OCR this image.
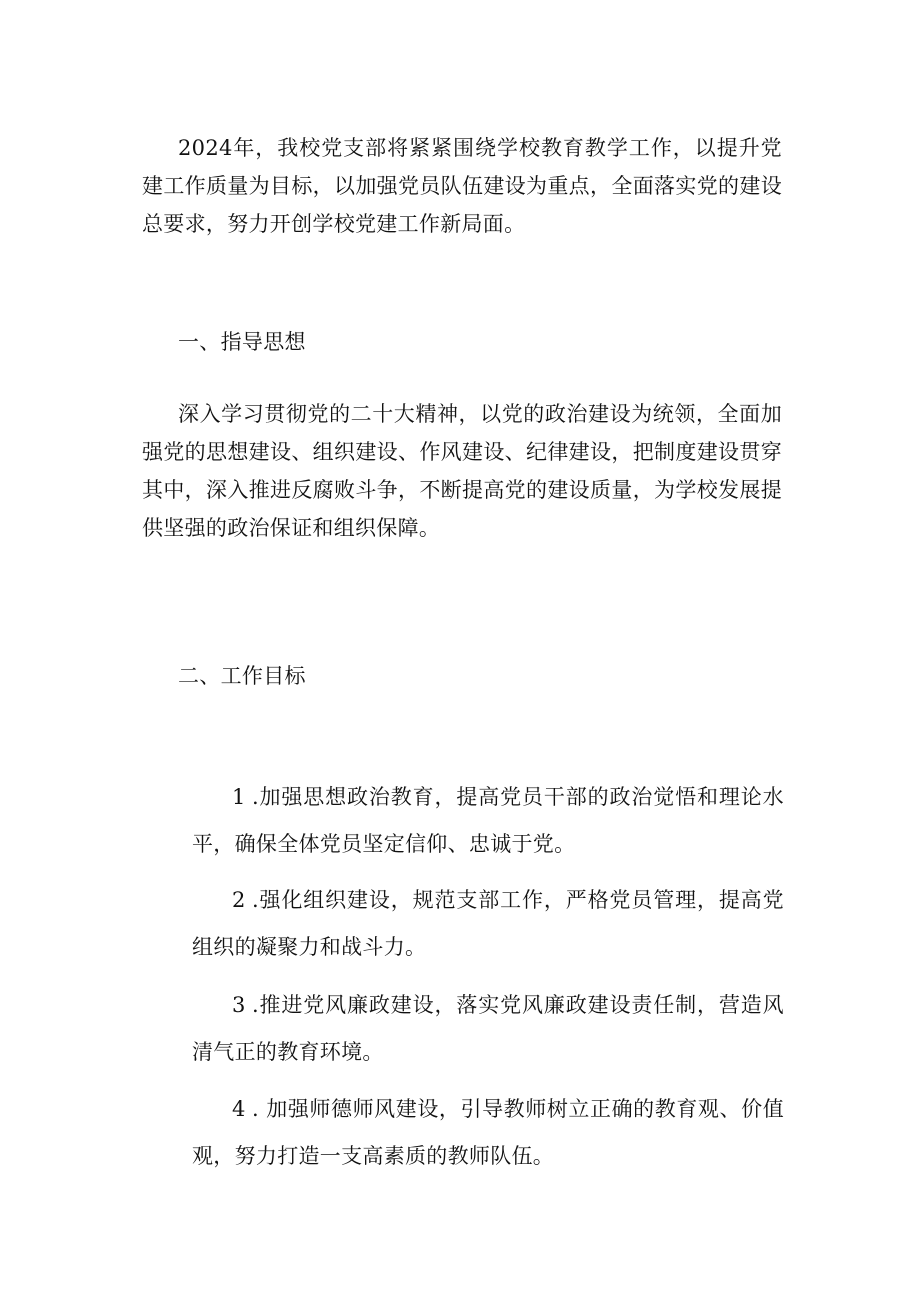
2024年，我校党支部将紧紧围绕学校教育教学工作，以提升党建工作质量为目标，以加强党员队伍建设为重点，全面落实党的建设总要求，努力开创学校党建工作新局面。

一、指导思想

深入学习贯彻党的二十大精神，以党的政治建设为统领，全面加强党的思想建设、组织建设、作风建设、纪律建设，把制度建设贯穿其中，深入推进反腐败斗争，不断提高党的建设质量，为学校发展提供坚强的政治保证和组织保障。

二、工作目标

1 .加强思想政治教育，提高党员干部的政治觉悟和理论水平，确保全体党员坚定信仰、忠诚于党。

2 .强化组织建设，规范支部工作，严格党员管理，提高党组织的凝聚力和战斗力。

3 .推进党风廉政建设，落实党风廉政建设责任制，营造风清气正的教育环境。

4 . 加强师德师风建设，引导教师树立正确的教育观、价值观，努力打造一支高素质的教师队伍。
